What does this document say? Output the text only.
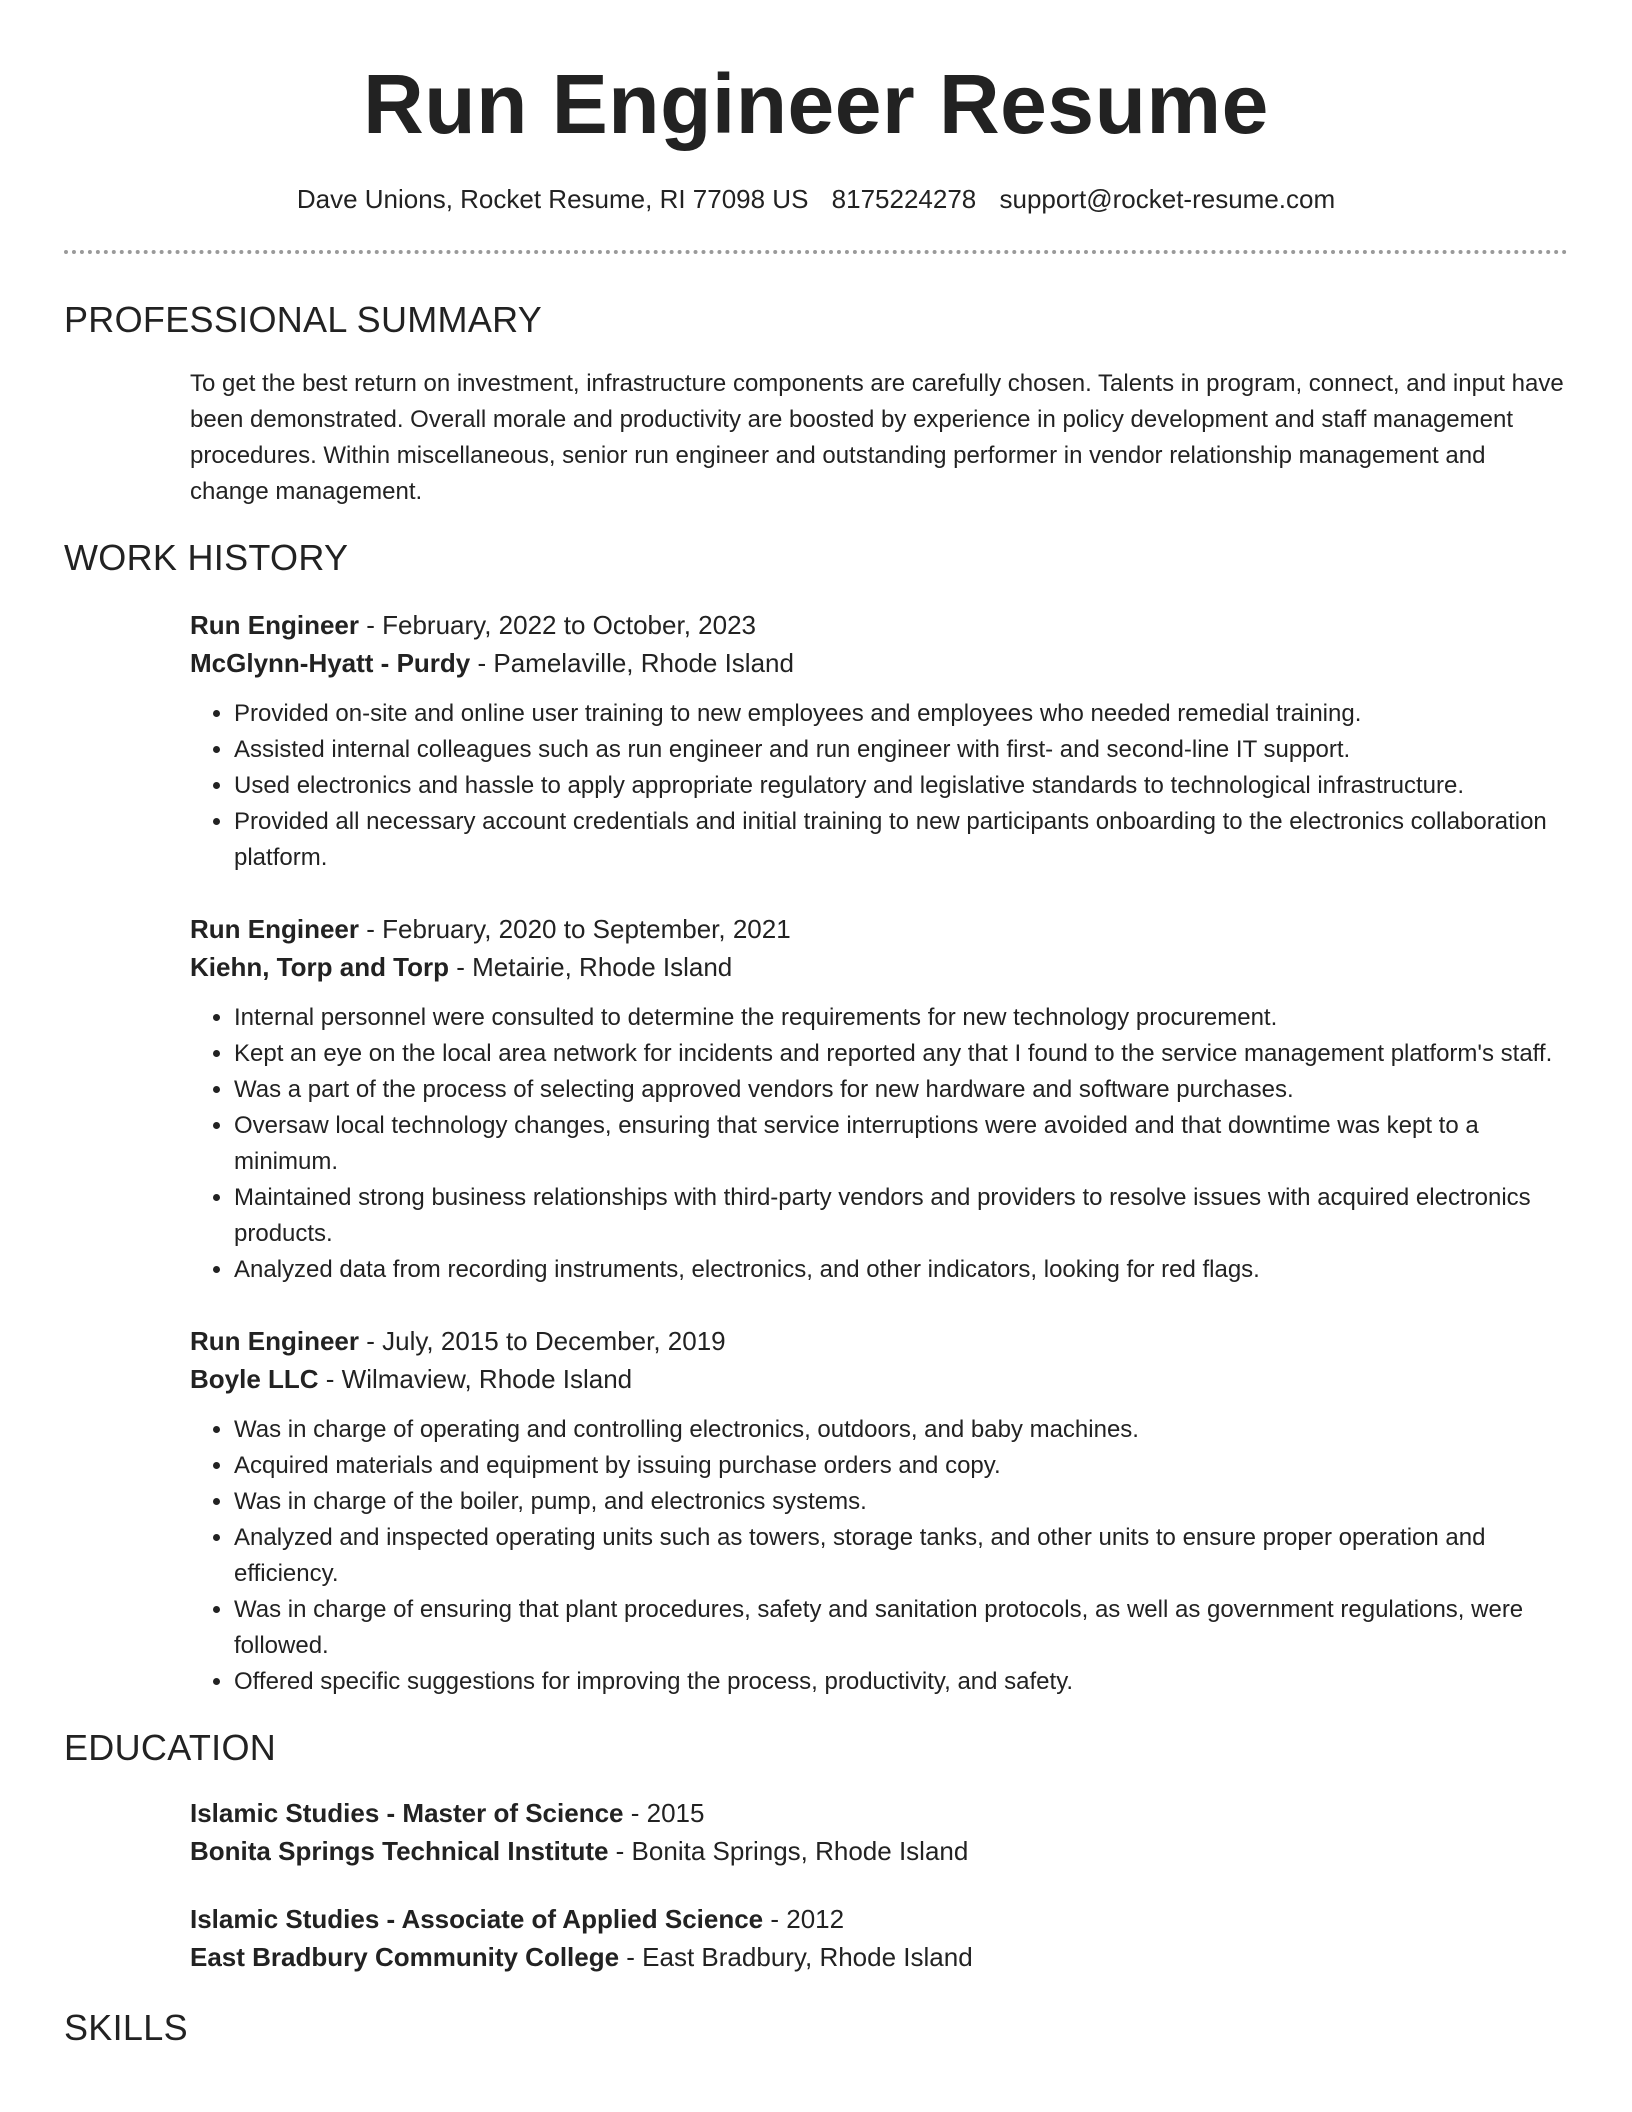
Run Engineer Resume
Dave Unions, Rocket Resume, RI 77098 US 8175224278 support@rocket-resume.com
PROFESSIONAL SUMMARY
To get the best return on investment, infrastructure components are carefully chosen. Talents in program, connect, and input have been demonstrated. Overall morale and productivity are boosted by experience in policy development and staff management procedures. Within miscellaneous, senior run engineer and outstanding performer in vendor relationship management and change management.
WORK HISTORY
Run Engineer - February, 2022 to October, 2023
McGlynn-Hyatt - Purdy - Pamelaville, Rhode Island
• Provided on-site and online user training to new employees and employees who needed remedial training.
• Assisted internal colleagues such as run engineer and run engineer with first- and second-line IT support.
• Used electronics and hassle to apply appropriate regulatory and legislative standards to technological infrastructure.
• Provided all necessary account credentials and initial training to new participants onboarding to the electronics collaboration platform.
Run Engineer - February, 2020 to September, 2021
Kiehn, Torp and Torp - Metairie, Rhode Island
• Internal personnel were consulted to determine the requirements for new technology procurement.
• Kept an eye on the local area network for incidents and reported any that I found to the service management platform's staff.
• Was a part of the process of selecting approved vendors for new hardware and software purchases.
• Oversaw local technology changes, ensuring that service interruptions were avoided and that downtime was kept to a minimum.
• Maintained strong business relationships with third-party vendors and providers to resolve issues with acquired electronics products.
• Analyzed data from recording instruments, electronics, and other indicators, looking for red flags.
Run Engineer - July, 2015 to December, 2019
Boyle LLC - Wilmaview, Rhode Island
• Was in charge of operating and controlling electronics, outdoors, and baby machines.
• Acquired materials and equipment by issuing purchase orders and copy.
• Was in charge of the boiler, pump, and electronics systems.
• Analyzed and inspected operating units such as towers, storage tanks, and other units to ensure proper operation and efficiency.
• Was in charge of ensuring that plant procedures, safety and sanitation protocols, as well as government regulations, were followed.
• Offered specific suggestions for improving the process, productivity, and safety.
EDUCATION
Islamic Studies - Master of Science - 2015
Bonita Springs Technical Institute - Bonita Springs, Rhode Island
Islamic Studies - Associate of Applied Science - 2012
East Bradbury Community College - East Bradbury, Rhode Island
SKILLS
